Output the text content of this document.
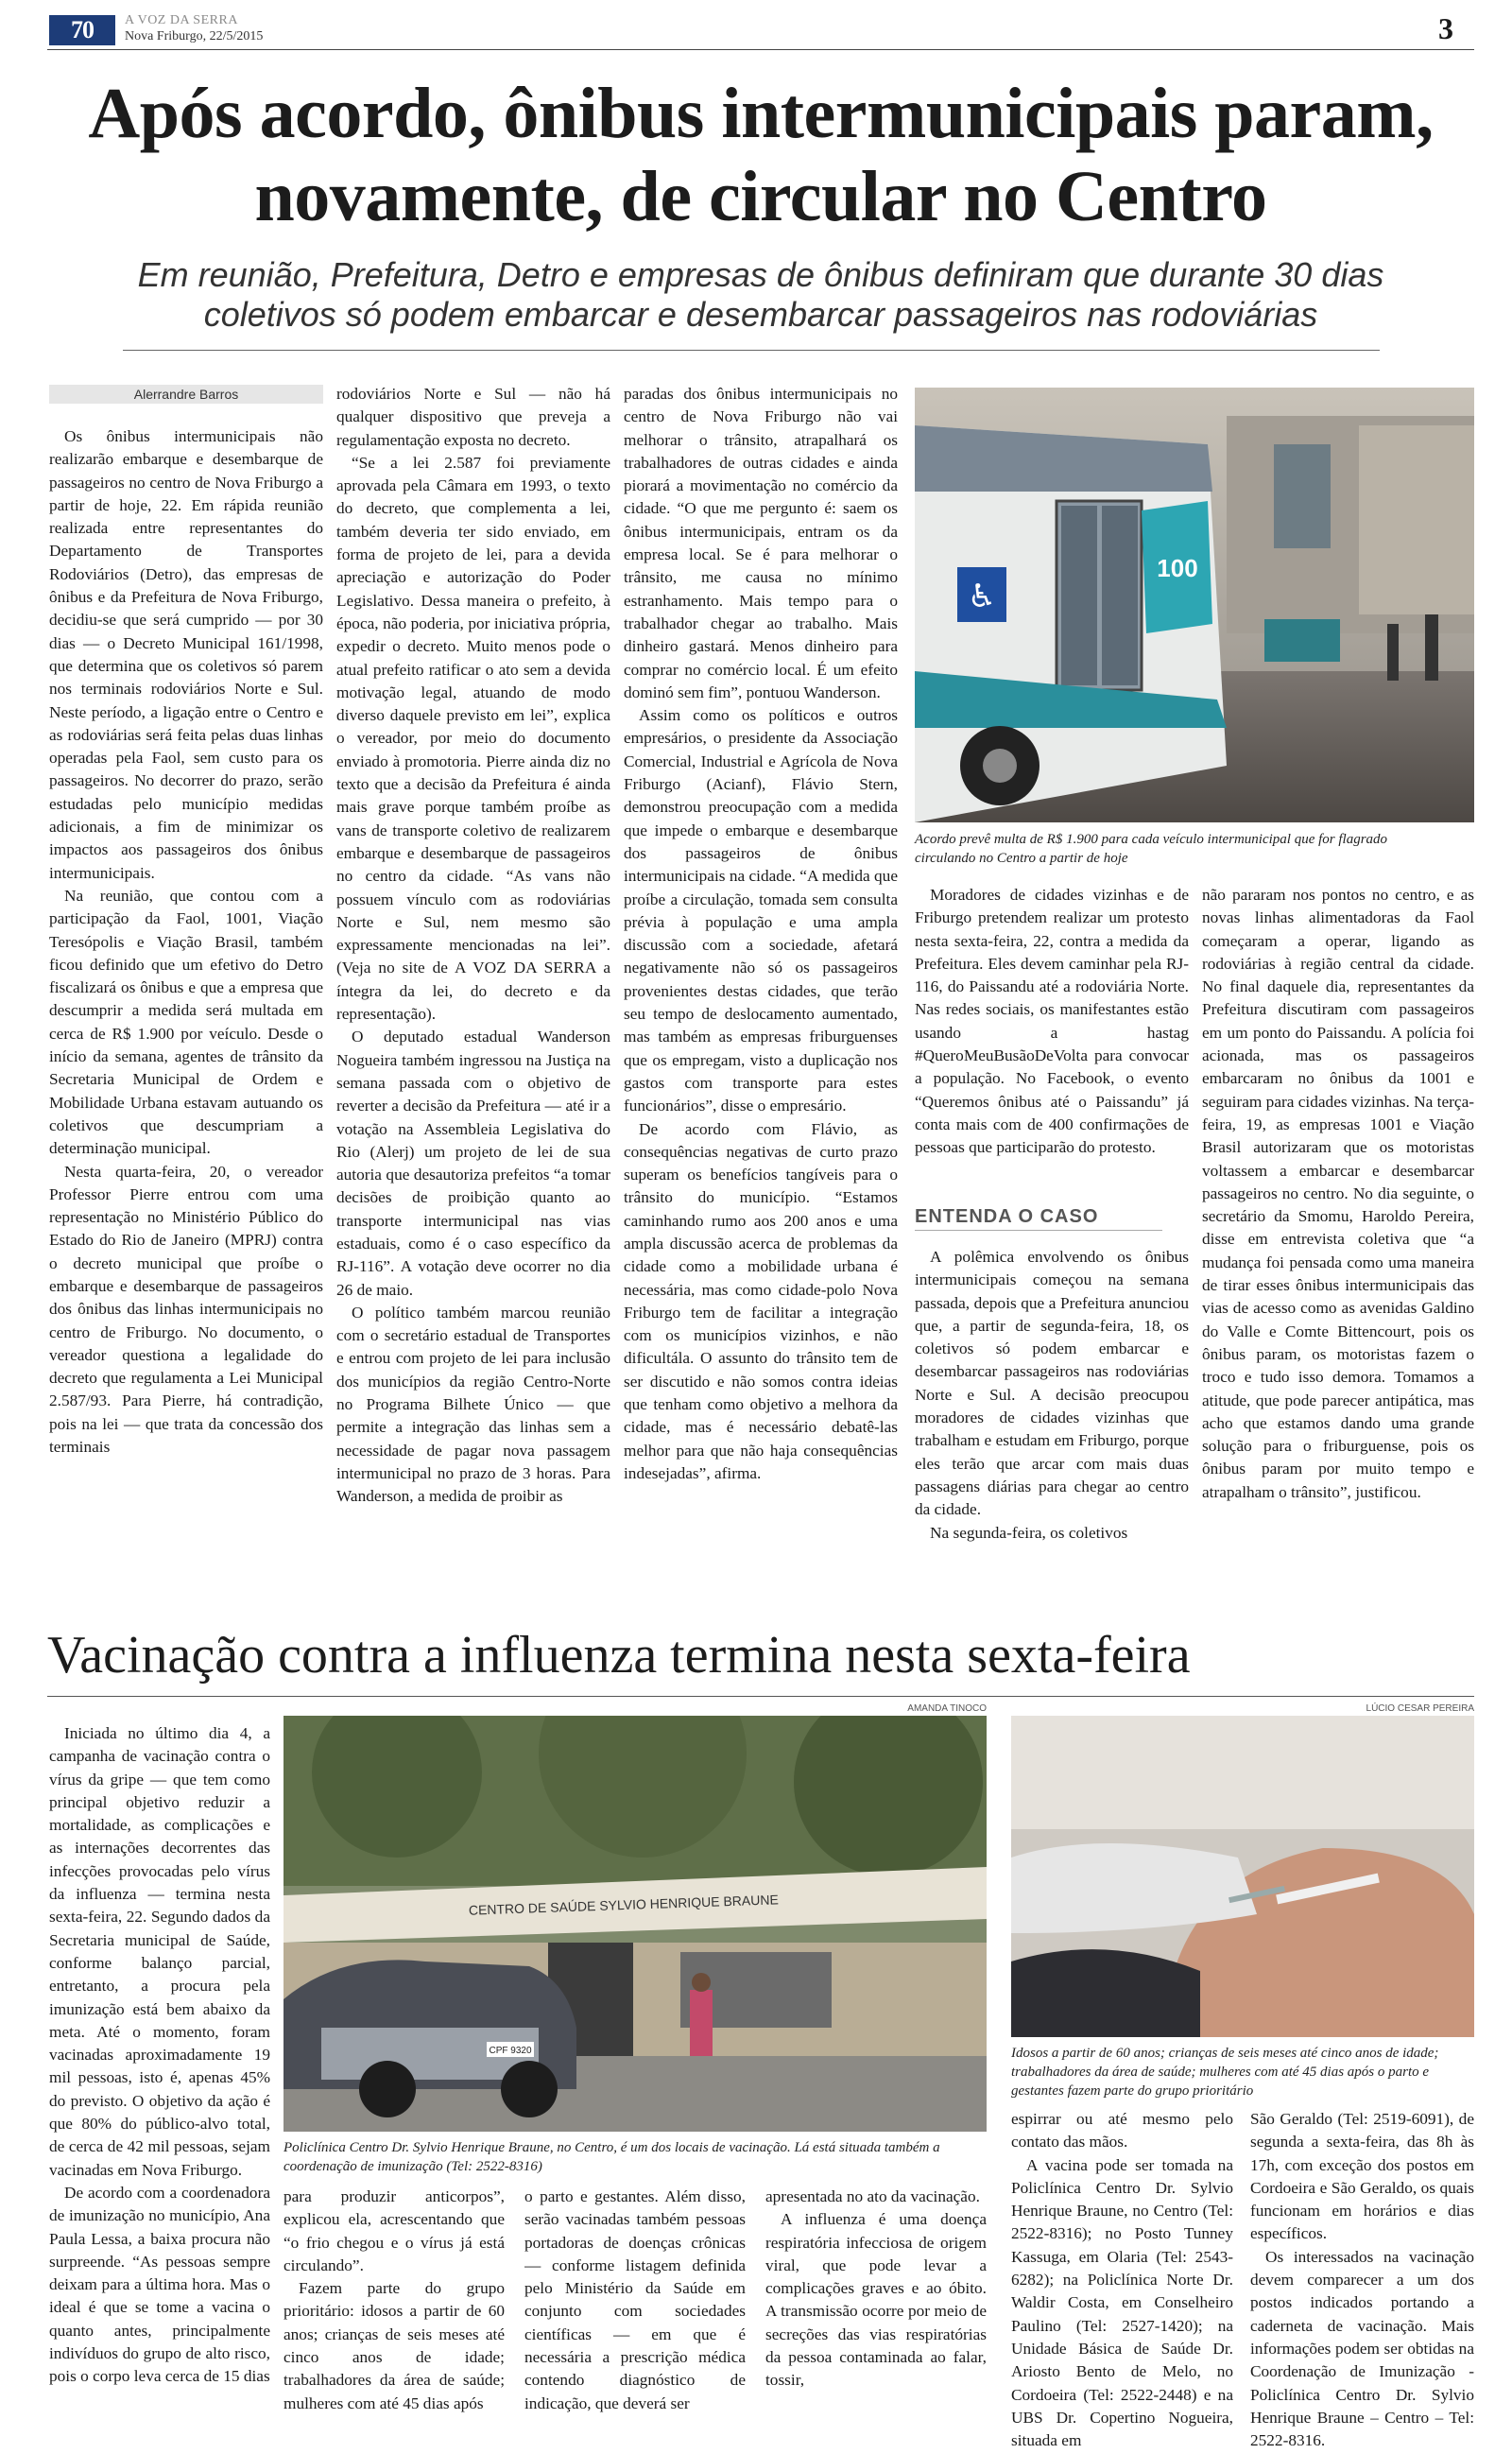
70	A VOZ DA SERRA
Nova Friburgo, 22/5/2015	3
Após acordo, ônibus intermunicipais param, novamente, de circular no Centro
Em reunião, Prefeitura, Detro e empresas de ônibus definiram que durante 30 dias coletivos só podem embarcar e desembarcar passageiros nas rodoviárias
Alerrandre Barros

Os ônibus intermunicipais não realizarão embarque e desembarque de passageiros no centro de Nova Friburgo a partir de hoje, 22. Em rápida reunião realizada entre representantes do Departamento de Transportes Rodoviários (Detro), das empresas de ônibus e da Prefeitura de Nova Friburgo, decidiu-se que será cumprido — por 30 dias — o Decreto Municipal 161/1998, que determina que os coletivos só parem nos terminais rodoviários Norte e Sul. Neste período, a ligação entre o Centro e as rodoviárias será feita pelas duas linhas operadas pela Faol, sem custo para os passageiros. No decorrer do prazo, serão estudadas pelo município medidas adicionais, a fim de minimizar os impactos aos passageiros dos ônibus intermunicipais.

Na reunião, que contou com a participação da Faol, 1001, Viação Teresópolis e Viação Brasil, também ficou definido que um efetivo do Detro fiscalizará os ônibus e que a empresa que descumprir a medida será multada em cerca de R$ 1.900 por veículo. Desde o início da semana, agentes de trânsito da Secretaria Municipal de Ordem e Mobilidade Urbana estavam autuando os coletivos que descumpriam a determinação municipal.

Nesta quarta-feira, 20, o vereador Professor Pierre entrou com uma representação no Ministério Público do Estado do Rio de Janeiro (MPRJ) contra o decreto municipal que proíbe o embarque e desembarque de passageiros dos ônibus das linhas intermunicipais no centro de Friburgo. No documento, o vereador questiona a legalidade do decreto que regulamenta a Lei Municipal 2.587/93. Para Pierre, há contradição, pois na lei — que trata da concessão dos terminais

rodoviários Norte e Sul — não há qualquer dispositivo que preveja a regulamentação exposta no decreto.

“Se a lei 2.587 foi previamente aprovada pela Câmara em 1993, o texto do decreto, que complementa a lei, também deveria ter sido enviado, em forma de projeto de lei, para a devida apreciação e autorização do Poder Legislativo. Dessa maneira o prefeito, à época, não poderia, por iniciativa própria, expedir o decreto. Muito menos pode o atual prefeito ratificar o ato sem a devida motivação legal, atuando de modo diverso daquele previsto em lei”, explica o vereador, por meio do documento enviado à promotoria. Pierre ainda diz no texto que a decisão da Prefeitura é ainda mais grave porque também proíbe as vans de transporte coletivo de realizarem embarque e desembarque de passageiros no centro da cidade. “As vans não possuem vínculo com as rodoviárias Norte e Sul, nem mesmo são expressamente mencionadas na lei”. (Veja no site de A VOZ DA SERRA a íntegra da lei, do decreto e da representação).

O deputado estadual Wanderson Nogueira também ingressou na Justiça na semana passada com o objetivo de reverter a decisão da Prefeitura — até ir a votação na Assembleia Legislativa do Rio (Alerj) um projeto de lei de sua autoria que desautoriza prefeitos “a tomar decisões de proibição quanto ao transporte intermunicipal nas vias estaduais, como é o caso específico da RJ-116”. A votação deve ocorrer no dia 26 de maio.

O político também marcou reunião com o secretário estadual de Transportes e entrou com projeto de lei para inclusão dos municípios da região Centro-Norte no Programa Bilhete Único — que permite a integração das linhas sem a necessidade de pagar nova passagem intermunicipal no prazo de 3 horas. Para Wanderson, a medida de proibir as

paradas dos ônibus intermunicipais no centro de Nova Friburgo não vai melhorar o trânsito, atrapalhará os trabalhadores de outras cidades e ainda piorará a movimentação no comércio da cidade. “O que me pergunto é: saem os ônibus intermunicipais, entram os da empresa local. Se é para melhorar o trânsito, me causa no mínimo estranhamento. Mais tempo para o trabalhador chegar ao trabalho. Mais dinheiro gastará. Menos dinheiro para comprar no comércio local. É um efeito dominó sem fim”, pontuou Wanderson.

Assim como os políticos e outros empresários, o presidente da Associação Comercial, Industrial e Agrícola de Nova Friburgo (Acianf), Flávio Stern, demonstrou preocupação com a medida que impede o embarque e desembarque dos passageiros de ônibus intermunicipais na cidade. “A medida que proíbe a circulação, tomada sem consulta prévia à população e uma ampla discussão com a sociedade, afetará negativamente não só os passageiros provenientes destas cidades, que terão seu tempo de deslocamento aumentado, mas também as empresas friburguenses que os empregam, visto a duplicação nos gastos com transporte para estes funcionários”, disse o empresário.

De acordo com Flávio, as consequências negativas de curto prazo superam os benefícios tangíveis para o trânsito do município. “Estamos caminhando rumo aos 200 anos e uma ampla discussão acerca de problemas da cidade como a mobilidade urbana é necessária, mas como cidade-polo Nova Friburgo tem de facilitar a integração com os municípios vizinhos, e não dificultála. O assunto do trânsito tem de ser discutido e não somos contra ideias que tenham como objetivo a melhora da cidade, mas é necessário debatê-las melhor para que não haja consequências indesejadas”, afirma.

♿
100
Acordo prevê multa de R$ 1.900 para cada veículo intermunicipal que for flagrado circulando no Centro a partir de hoje

Moradores de cidades vizinhas e de Friburgo pretendem realizar um protesto nesta sexta-feira, 22, contra a medida da Prefeitura. Eles devem caminhar pela RJ-116, do Paissandu até a rodoviária Norte. Nas redes sociais, os manifestantes estão usando a hastag #QueroMeuBusãoDeVolta para convocar a população. No Facebook, o evento “Queremos ônibus até o Paissandu” já conta mais com de 400 confirmações de pessoas que participarão do protesto.

ENTENDA O CASO

A polêmica envolvendo os ônibus intermunicipais começou na semana passada, depois que a Prefeitura anunciou que, a partir de segunda-feira, 18, os coletivos só podem embarcar e desembarcar passageiros nas rodoviárias Norte e Sul. A decisão preocupou moradores de cidades vizinhas que trabalham e estudam em Friburgo, porque eles terão que arcar com mais duas passagens diárias para chegar ao centro da cidade.

Na segunda-feira, os coletivos

não pararam nos pontos no centro, e as novas linhas alimentadoras da Faol começaram a operar, ligando as rodoviárias à região central da cidade. No final daquele dia, representantes da Prefeitura discutiram com passageiros em um ponto do Paissandu. A polícia foi acionada, mas os passageiros embarcaram no ônibus da 1001 e seguiram para cidades vizinhas. Na terça-feira, 19, as empresas 1001 e Viação Brasil autorizaram que os motoristas voltassem a embarcar e desembarcar passageiros no centro. No dia seguinte, o secretário da Smomu, Haroldo Pereira, disse em entrevista coletiva que “a mudança foi pensada como uma maneira de tirar esses ônibus intermunicipais das vias de acesso como as avenidas Galdino do Valle e Comte Bittencourt, pois os ônibus param, os motoristas fazem o troco e tudo isso demora. Tomamos a atitude, que pode parecer antipática, mas acho que estamos dando uma grande solução para o friburguense, pois os ônibus param por muito tempo e atrapalham o trânsito”, justificou.

Vacinação contra a influenza termina nesta sexta-feira

Iniciada no último dia 4, a campanha de vacinação contra o vírus da gripe — que tem como principal objetivo reduzir a mortalidade, as complicações e as internações decorrentes das infecções provocadas pelo vírus da influenza — termina nesta sexta-feira, 22. Segundo dados da Secretaria municipal de Saúde, conforme balanço parcial, entretanto, a procura pela imunização está bem abaixo da meta. Até o momento, foram vacinadas aproximadamente 19 mil pessoas, isto é, apenas 45% do previsto. O objetivo da ação é que 80% do público-alvo total, de cerca de 42 mil pessoas, sejam vacinadas em Nova Friburgo.

De acordo com a coordenadora de imunização no município, Ana Paula Lessa, a baixa procura não surpreende. “As pessoas sempre deixam para a última hora. Mas o ideal é que se tome a vacina o quanto antes, principalmente indivíduos do grupo de alto risco, pois o corpo leva cerca de 15 dias

AMANDA TINOCO
CENTRO DE SAÚDE SYLVIO HENRIQUE BRAUNE
CPF 9320
Policlínica Centro Dr. Sylvio Henrique Braune, no Centro, é um dos locais de vacinação. Lá está situada também a coordenação de imunização (Tel: 2522-8316)

para produzir anticorpos”, explicou ela, acrescentando que “o frio chegou e o vírus já está circulando”.

Fazem parte do grupo prioritário: idosos a partir de 60 anos; crianças de seis meses até cinco anos de idade; trabalhadores da área de saúde; mulheres com até 45 dias após

o parto e gestantes. Além disso, serão vacinadas também pessoas portadoras de doenças crônicas — conforme listagem definida pelo Ministério da Saúde em conjunto com sociedades científicas — em que é necessária a prescrição médica contendo diagnóstico de indicação, que deverá ser

apresentada no ato da vacinação.

A influenza é uma doença respiratória infecciosa de origem viral, que pode levar a complicações graves e ao óbito. A transmissão ocorre por meio de secreções das vias respiratórias da pessoa contaminada ao falar, tossir,

LÚCIO CESAR PEREIRA
Idosos a partir de 60 anos; crianças de seis meses até cinco anos de idade; trabalhadores da área de saúde; mulheres com até 45 dias após o parto e gestantes fazem parte do grupo prioritário

espirrar ou até mesmo pelo contato das mãos.

A vacina pode ser tomada na Policlínica Centro Dr. Sylvio Henrique Braune, no Centro (Tel: 2522-8316); no Posto Tunney Kassuga, em Olaria (Tel: 2543-6282); na Policlínica Norte Dr. Waldir Costa, em Conselheiro Paulino (Tel: 2527-1420); na Unidade Básica de Saúde Dr. Ariosto Bento de Melo, no Cordoeira (Tel: 2522-2448) e na UBS Dr. Copertino Nogueira, situada em

São Geraldo (Tel: 2519-6091), de segunda a sexta-feira, das 8h às 17h, com exceção dos postos em Cordoeira e São Geraldo, os quais funcionam em horários e dias específicos.

Os interessados na vacinação devem comparecer a um dos postos indicados portando a caderneta de vacinação. Mais informações podem ser obtidas na Coordenação de Imunização - Policlínica Centro Dr. Sylvio Henrique Braune – Centro – Tel: 2522-8316.
